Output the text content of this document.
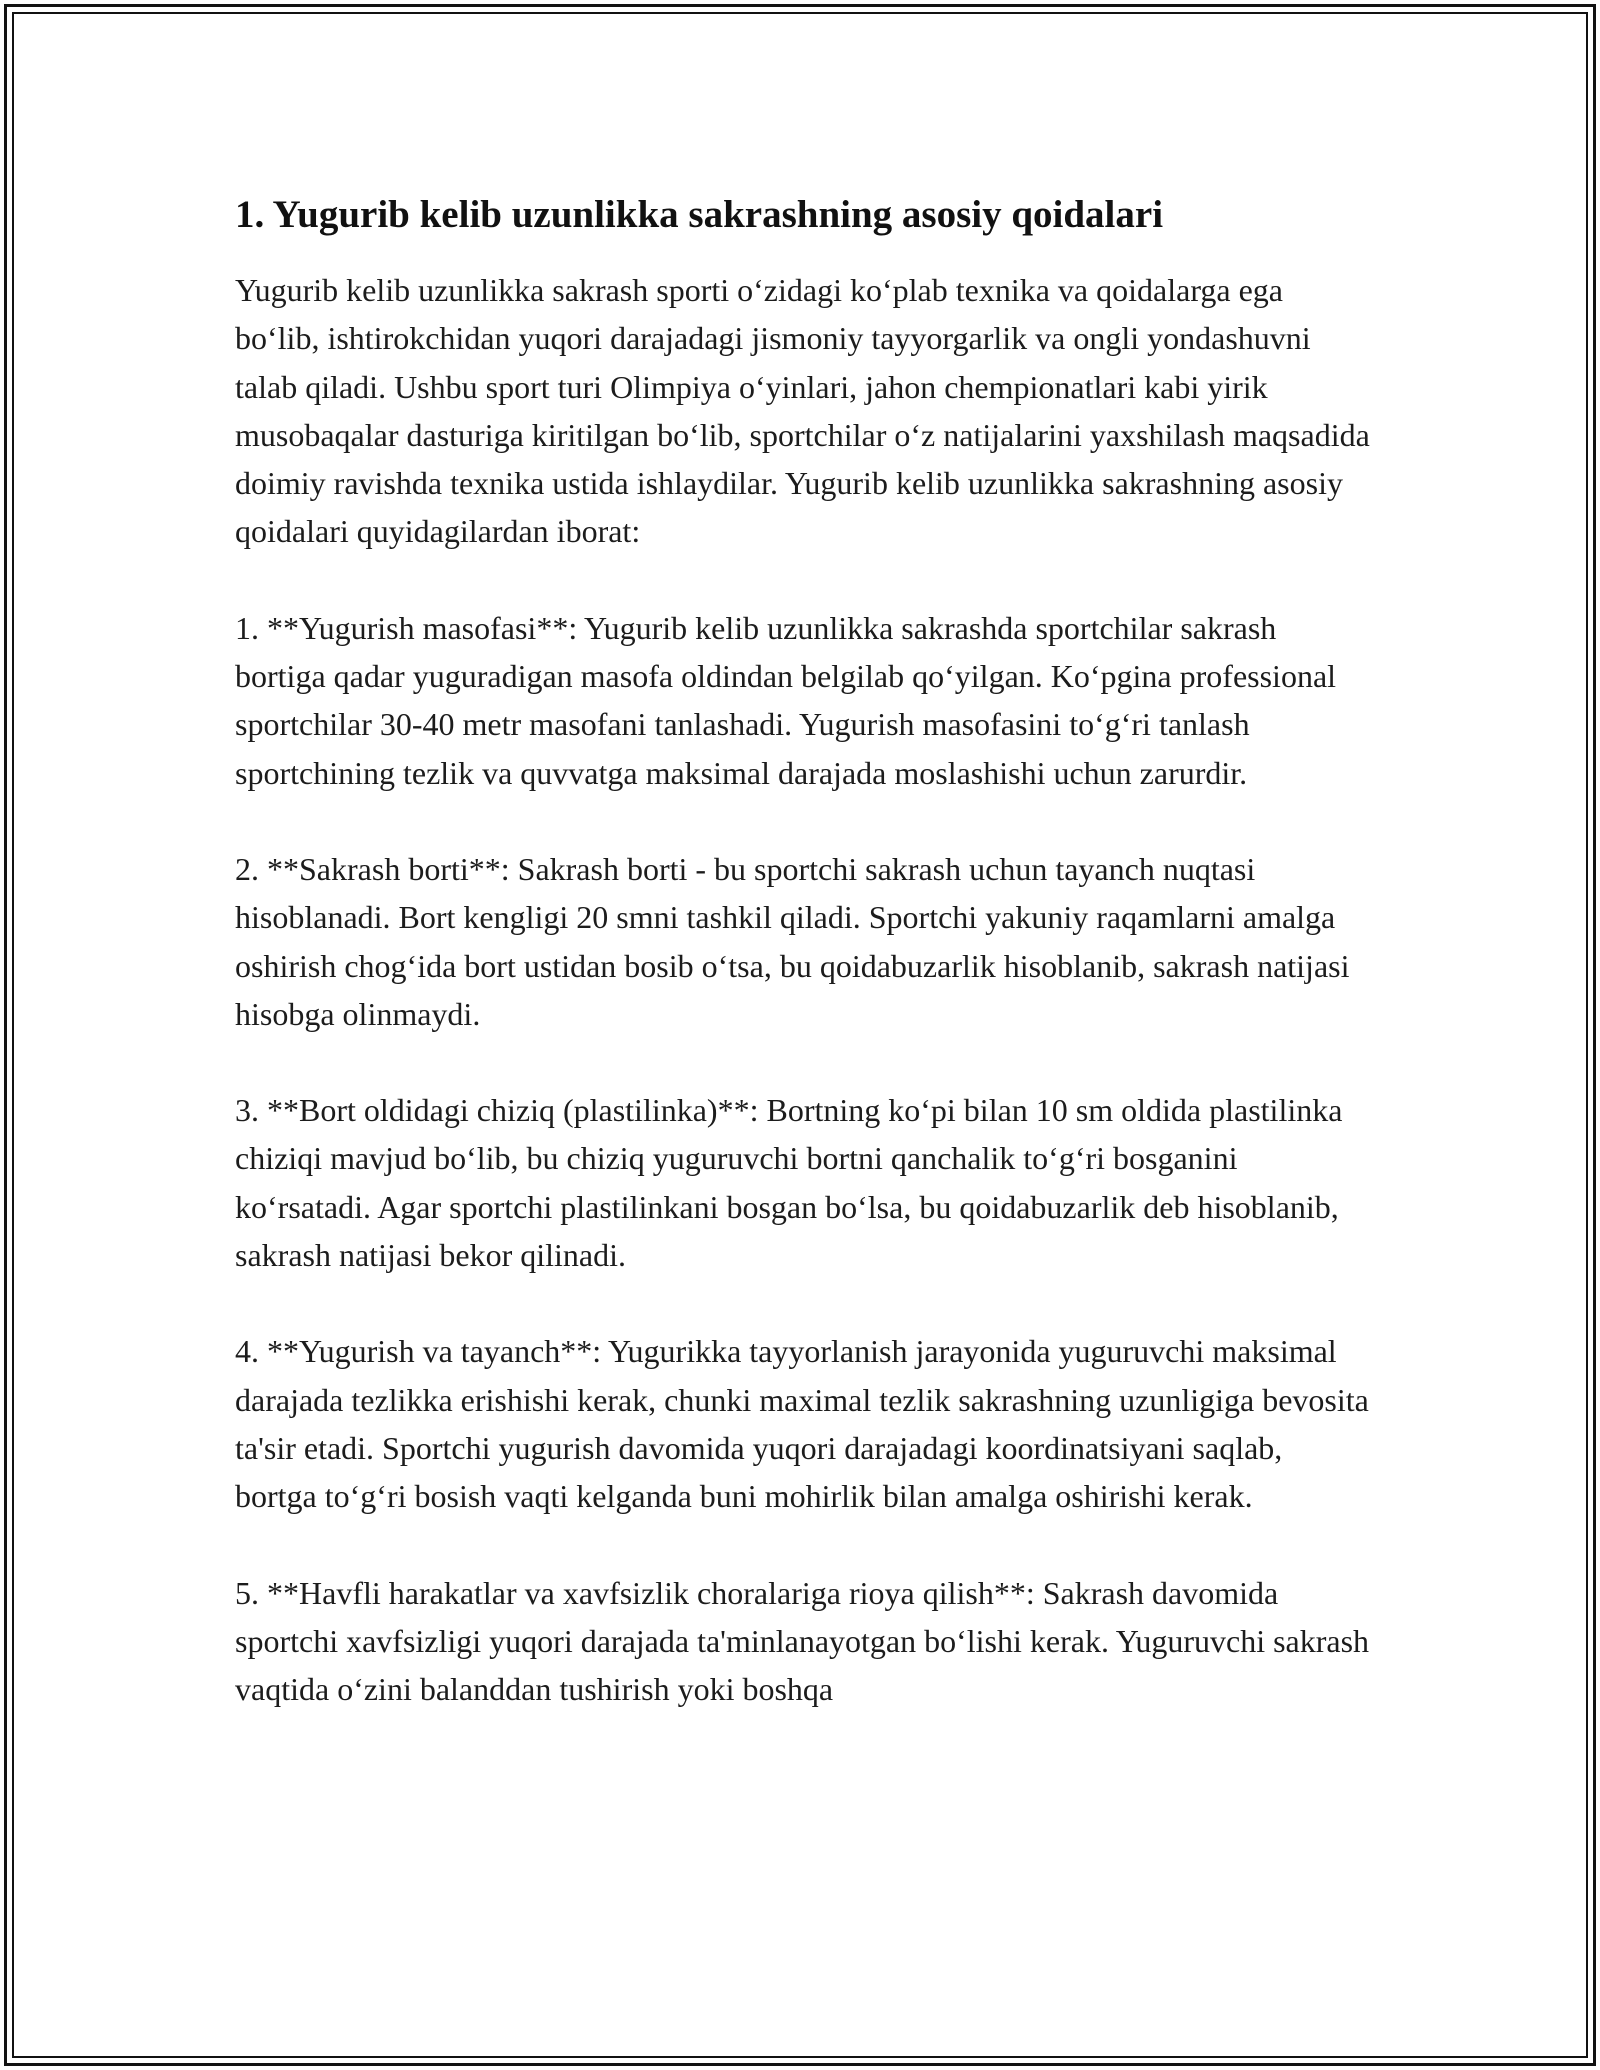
1. Yugurib kelib uzunlikka sakrashning asosiy qoidalari

Yugurib kelib uzunlikka sakrash sporti oʻzidagi koʻplab texnika va qoidalarga ega boʻlib, ishtirokchidan yuqori darajadagi jismoniy tayyorgarlik va ongli yondashuvni talab qiladi. Ushbu sport turi Olimpiya oʻyinlari, jahon chempionatlari kabi yirik musobaqalar dasturiga kiritilgan boʻlib, sportchilar oʻz natijalarini yaxshilash maqsadida doimiy ravishda texnika ustida ishlaydilar. Yugurib kelib uzunlikka sakrashning asosiy qoidalari quyidagilardan iborat:

1. **Yugurish masofasi**: Yugurib kelib uzunlikka sakrashda sportchilar sakrash bortiga qadar yuguradigan masofa oldindan belgilab qoʻyilgan. Koʻpgina professional sportchilar 30-40 metr masofani tanlashadi. Yugurish masofasini toʻgʻri tanlash sportchining tezlik va quvvatga maksimal darajada moslashishi uchun zarurdir.

2. **Sakrash borti**: Sakrash borti - bu sportchi sakrash uchun tayanch nuqtasi hisoblanadi. Bort kengligi 20 smni tashkil qiladi. Sportchi yakuniy raqamlarni amalga oshirish chogʻida bort ustidan bosib oʻtsa, bu qoidabuzarlik hisoblanib, sakrash natijasi hisobga olinmaydi.

3. **Bort oldidagi chiziq (plastilinka)**: Bortning koʻpi bilan 10 sm oldida plastilinka chiziqi mavjud boʻlib, bu chiziq yuguruvchi bortni qanchalik toʻgʻri bosganini koʻrsatadi. Agar sportchi plastilinkani bosgan boʻlsa, bu qoidabuzarlik deb hisoblanib, sakrash natijasi bekor qilinadi.

4. **Yugurish va tayanch**: Yugurikka tayyorlanish jarayonida yuguruvchi maksimal darajada tezlikka erishishi kerak, chunki maximal tezlik sakrashning uzunligiga bevosita ta'sir etadi. Sportchi yugurish davomida yuqori darajadagi koordinatsiyani saqlab, bortga toʻgʻri bosish vaqti kelganda buni mohirlik bilan amalga oshirishi kerak.

5. **Havfli harakatlar va xavfsizlik choralariga rioya qilish**: Sakrash davomida sportchi xavfsizligi yuqori darajada ta'minlanayotgan boʻlishi kerak. Yuguruvchi sakrash vaqtida oʻzini balanddan tushirish yoki boshqa
